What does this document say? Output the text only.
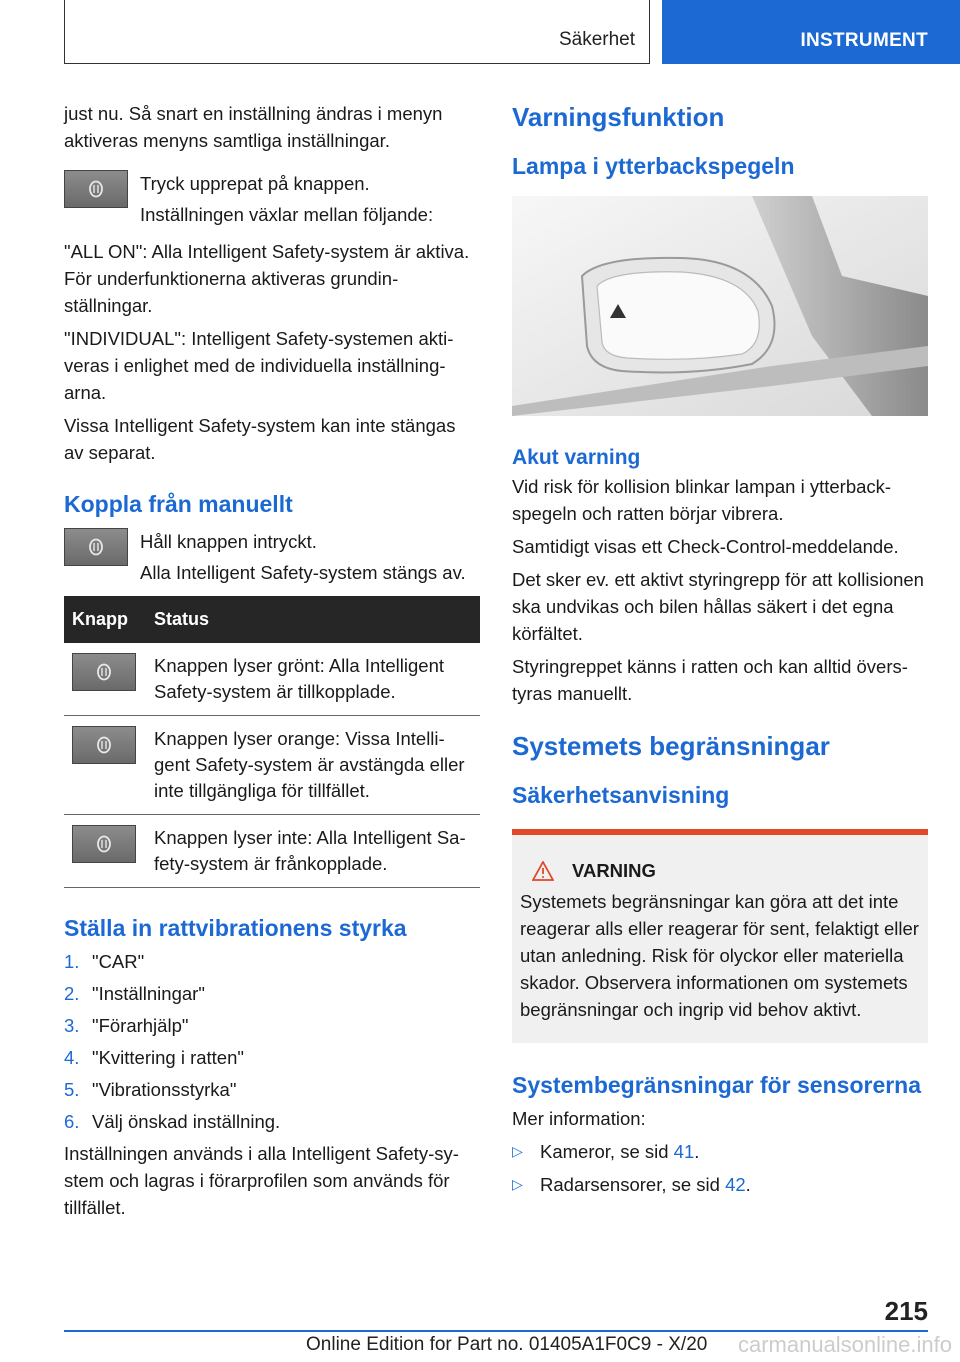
Säkerhet	INSTRUMENT

just nu. Så snart en inställning ändras i menyn aktiveras menyns samtliga inställningar.

Tryck upprepat på knappen.

Inställningen växlar mellan följande:

"ALL ON": Alla Intelligent Safety-system är aktiva. För underfunktionerna aktiveras grundinställningar.

"INDIVIDUAL": Intelligent Safety-systemen aktiveras i enlighet med de individuella inställningarna.

Vissa Intelligent Safety-system kan inte stängas av separat.

Koppla från manuellt

Håll knappen intryckt.

Alla Intelligent Safety-system stängs av.

Knapp	Status

	Knappen lyser grönt: Alla Intelligent Safety-system är tillkopplade.

	Knappen lyser orange: Vissa Intelligent Safety-system är avstängda eller inte tillgängliga för tillfället.

	Knappen lyser inte: Alla Intelligent Safety-system är frånkopplade.
Ställa in rattvibrationens styrka
1. "CAR"
2. "Inställningar"
3. "Förarhjälp"
4. "Kvittering i ratten"
5. "Vibrationsstyrka"
6. Välj önskad inställning.

Inställningen används i alla Intelligent Safety-system och lagras i förarprofilen som används för tillfället.

Varningsfunktion
Lampa i ytterbackspegeln
Akut varning

Vid risk för kollision blinkar lampan i ytterbackspegeln och ratten börjar vibrera.

Samtidigt visas ett Check-Control-meddelande.

Det sker ev. ett aktivt styringrepp för att kollisionen ska undvikas och bilen hållas säkert i det egna körfältet.

Styringreppet känns i ratten och kan alltid överstyras manuellt.

Systemets begränsningar
Säkerhetsanvisning
VARNING

Systemets begränsningar kan göra att det inte reagerar alls eller reagerar för sent, felaktigt eller utan anledning. Risk för olyckor eller materiella skador. Observera informationen om systemets begränsningar och ingrip vid behov aktivt.

Systembegränsningar för sensorerna

Mer information:

▷ Kameror, se sid 41.
▷ Radarsensorer, se sid 42.
215
Online Edition for Part no. 01405A1F0C9 - X/20 carmanualsonline.info
